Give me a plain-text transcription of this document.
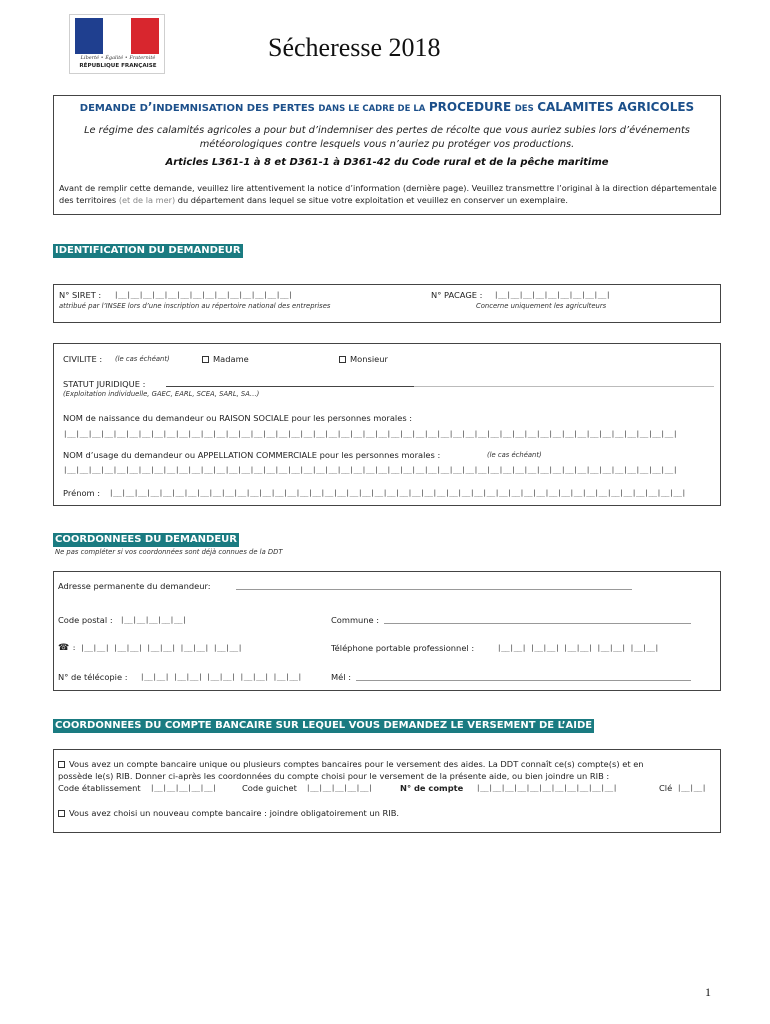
Liberté • Égalité • Fraternité
RÉPUBLIQUE FRANÇAISE
Sécheresse 2018
DEMANDE D’INDEMNISATION DES PERTES DANS LE CADRE DE LA PROCEDURE DES CALAMITES AGRICOLES
Le régime des calamités agricoles a pour but d’indemniser des pertes de récolte que vous auriez subies lors d’événements météorologiques contre lesquels vous n’auriez pu protéger vos productions.
Articles L361-1 à 8 et D361-1 à D361-42 du Code rural et de la pêche maritime
Avant de remplir cette demande, veuillez lire attentivement la notice d’information (dernière page). Veuillez transmettre l’original à la direction départementale des territoires (et de la mer) du département dans lequel se situe votre exploitation et veuillez en conserver un exemplaire.
IDENTIFICATION DU DEMANDEUR
N° SIRET : |__|__|__|__|__|__|__|__|__|__|__|__|__|__|
attribué par l’INSEE lors d’une inscription au répertoire national des entreprises
N° PACAGE : |__|__|__|__|__|__|__|__|__|
Concerne uniquement les agriculteurs
CIVILITE : (le cas échéant)	Madame	Monsieur
STATUT JURIDIQUE :
(Exploitation individuelle, GAEC, EARL, SCEA, SARL, SA…)
NOM de naissance du demandeur ou RAISON SOCIALE pour les personnes morales :
|__|__|__|__|__|__|__|__|__|__|__|__|__|__|__|__|__|__|__|__|__|__|__|__|__|__|__|__|__|__|__|__|__|__|__|__|__|__|__|__|__|__|__|__|__|__|__|__|__|
NOM d’usage du demandeur ou APPELLATION COMMERCIALE pour les personnes morales :	(le cas échéant)
|__|__|__|__|__|__|__|__|__|__|__|__|__|__|__|__|__|__|__|__|__|__|__|__|__|__|__|__|__|__|__|__|__|__|__|__|__|__|__|__|__|__|__|__|__|__|__|__|__|
Prénom : |__|__|__|__|__|__|__|__|__|__|__|__|__|__|__|__|__|__|__|__|__|__|__|__|__|__|__|__|__|__|__|__|__|__|__|__|__|__|__|__|__|__|__|__|__|__|
COORDONNEES DU DEMANDEUR
Ne pas compléter si vos coordonnées sont déjà connues de la DDT
Adresse permanente du demandeur:
Code postal : |__|__|__|__|__|	Commune :
☎ : |__|__| |__|__| |__|__| |__|__| |__|__|	Téléphone portable professionnel :	|__|__| |__|__| |__|__| |__|__| |__|__|
N° de télécopie : |__|__| |__|__| |__|__| |__|__| |__|__|	Mél :
COORDONNEES DU COMPTE BANCAIRE SUR LEQUEL VOUS DEMANDEZ LE VERSEMENT DE L’AIDE
Vous avez un compte bancaire unique ou plusieurs comptes bancaires pour le versement des aides. La DDT connaît ce(s) compte(s) et en
possède le(s) RIB. Donner ci-après les coordonnées du compte choisi pour le versement de la présente aide, ou bien joindre un RIB :
Code établissement |__|__|__|__|__|	Code guichet |__|__|__|__|__|	N° de compte |__|__|__|__|__|__|__|__|__|__|__|	Clé |__|__|
Vous avez choisi un nouveau compte bancaire : joindre obligatoirement un RIB.
1
